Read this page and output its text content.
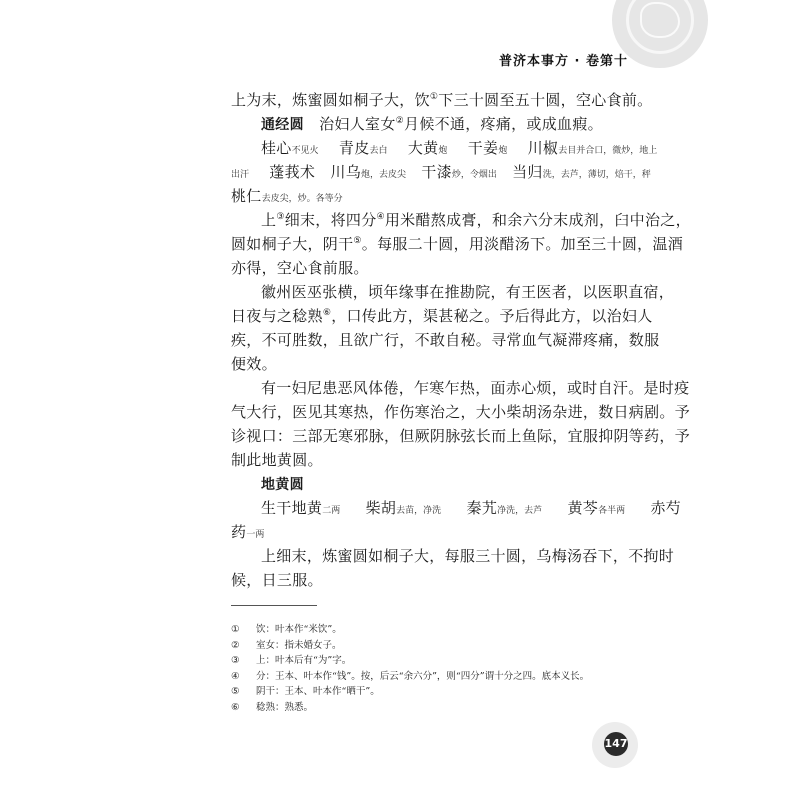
普济本事方 · 卷第十
上为末，炼蜜圆如桐子大，饮①下三十圆至五十圆，空心食前。
通经圆 治妇人室女②月候不通，疼痛，或成血瘕。
桂心不见火 青皮去白 大黄炮 干姜炮 川椒去目并合口，微炒，地上
出汗 蓬莪术 川乌炮，去皮尖 干漆炒，令烟出 当归洗，去芦，薄切，焙干，秤
桃仁去皮尖，炒。各等分
上③细末，将四分④用米醋熬成膏，和余六分末成剂，臼中治之，
圆如桐子大，阴干⑤。每服二十圆，用淡醋汤下。加至三十圆，温酒
亦得，空心食前服。
徽州医巫张横，顷年缘事在推勘院，有王医者，以医职直宿，
日夜与之稔熟⑥，口传此方，渠甚秘之。予后得此方，以治妇人
疾，不可胜数，且欲广行，不敢自秘。寻常血气凝滞疼痛，数服
便效。
有一妇尼患恶风体倦，乍寒乍热，面赤心烦，或时自汗。是时疫
气大行，医见其寒热，作伤寒治之，大小柴胡汤杂进，数日病剧。予
诊视口：三部无寒邪脉，但厥阴脉弦长而上鱼际，宜服抑阴等药，予
制此地黄圆。
地黄圆
生干地黄二两 柴胡去苗，净洗 秦艽净洗，去芦 黄芩各半两 赤芍
药一两
上细末，炼蜜圆如桐子大，每服三十圆，乌梅汤吞下，不拘时
候，日三服。
① 饮：叶本作“米饮”。
② 室女：指未婚女子。
③ 上：叶本后有“为”字。
④ 分：王本、叶本作“钱”。按，后云“余六分”，则“四分”谓十分之四。底本义长。
⑤ 阴干：王本、叶本作“晒干”。
⑥ 稔熟：熟悉。
147
